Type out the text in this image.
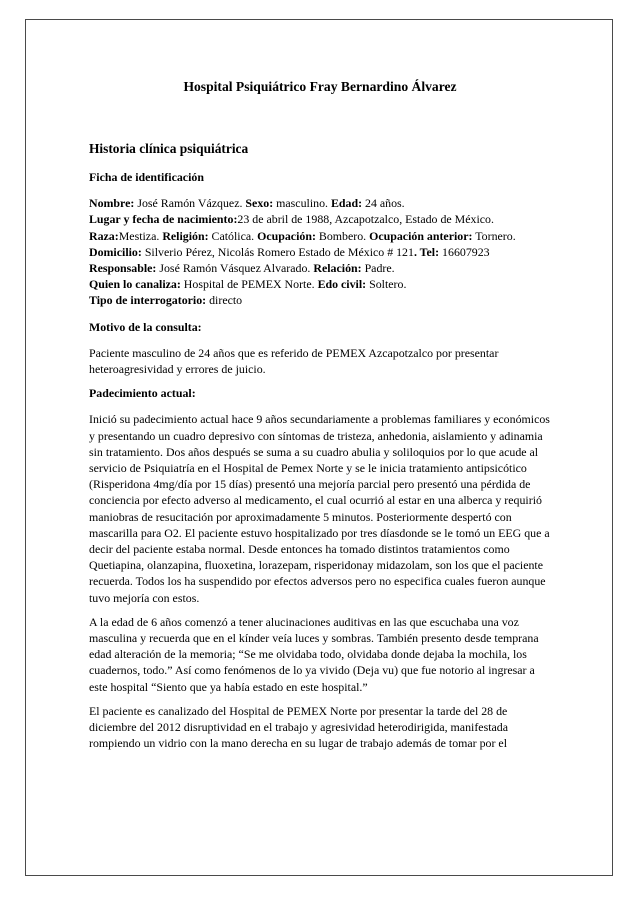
Hospital Psiquiátrico Fray Bernardino Álvarez
Historia clínica psiquiátrica
Ficha de identificación
Nombre: José Ramón Vázquez. Sexo: masculino. Edad: 24 años.
Lugar y fecha de nacimiento:23 de abril de 1988, Azcapotzalco, Estado de México.
Raza:Mestiza. Religión: Católica. Ocupación: Bombero. Ocupación anterior: Tornero.
Domicilio: Silverio Pérez, Nicolás Romero Estado de México # 121. Tel: 16607923
Responsable: José Ramón Vásquez Alvarado. Relación: Padre.
Quien lo canaliza: Hospital de PEMEX Norte. Edo civil: Soltero.
Tipo de interrogatorio: directo
Motivo de la consulta:

Paciente masculino de 24 años que es referido de PEMEX Azcapotzalco por presentar heteroagresividad y errores de juicio.

Padecimiento actual:

Inició su padecimiento actual hace 9 años secundariamente a problemas familiares y económicos y presentando un cuadro depresivo con síntomas de tristeza, anhedonia, aislamiento y adinamia sin tratamiento. Dos años después se suma a su cuadro abulia y soliloquios por lo que acude al servicio de Psiquiatría en el Hospital de Pemex Norte y se le inicia tratamiento antipsicótico (Risperidona 4mg/día por 15 días) presentó una mejoría parcial pero presentó una pérdida de conciencia por efecto adverso al medicamento, el cual ocurrió al estar en una alberca y requirió maniobras de resucitación por aproximadamente 5 minutos. Posteriormente despertó con mascarilla para O2. El paciente estuvo hospitalizado por tres díasdonde se le tomó un EEG que a decir del paciente estaba normal. Desde entonces ha tomado distintos tratamientos como Quetiapina, olanzapina, fluoxetina, lorazepam, risperidonay midazolam, son los que el paciente recuerda. Todos los ha suspendido por efectos adversos pero no especifica cuales fueron aunque tuvo mejoría con estos.

A la edad de 6 años comenzó a tener alucinaciones auditivas en las que escuchaba una voz masculina y recuerda que en el kínder veía luces y sombras. También presento desde temprana edad alteración de la memoria; “Se me olvidaba todo, olvidaba donde dejaba la mochila, los cuadernos, todo.” Así como fenómenos de lo ya vivido (Deja vu) que fue notorio al ingresar a este hospital “Siento que ya había estado en este hospital.”

El paciente es canalizado del Hospital de PEMEX Norte por presentar la tarde del 28 de diciembre del 2012 disruptividad en el trabajo y agresividad heterodirigida, manifestada rompiendo un vidrio con la mano derecha en su lugar de trabajo además de tomar por el
